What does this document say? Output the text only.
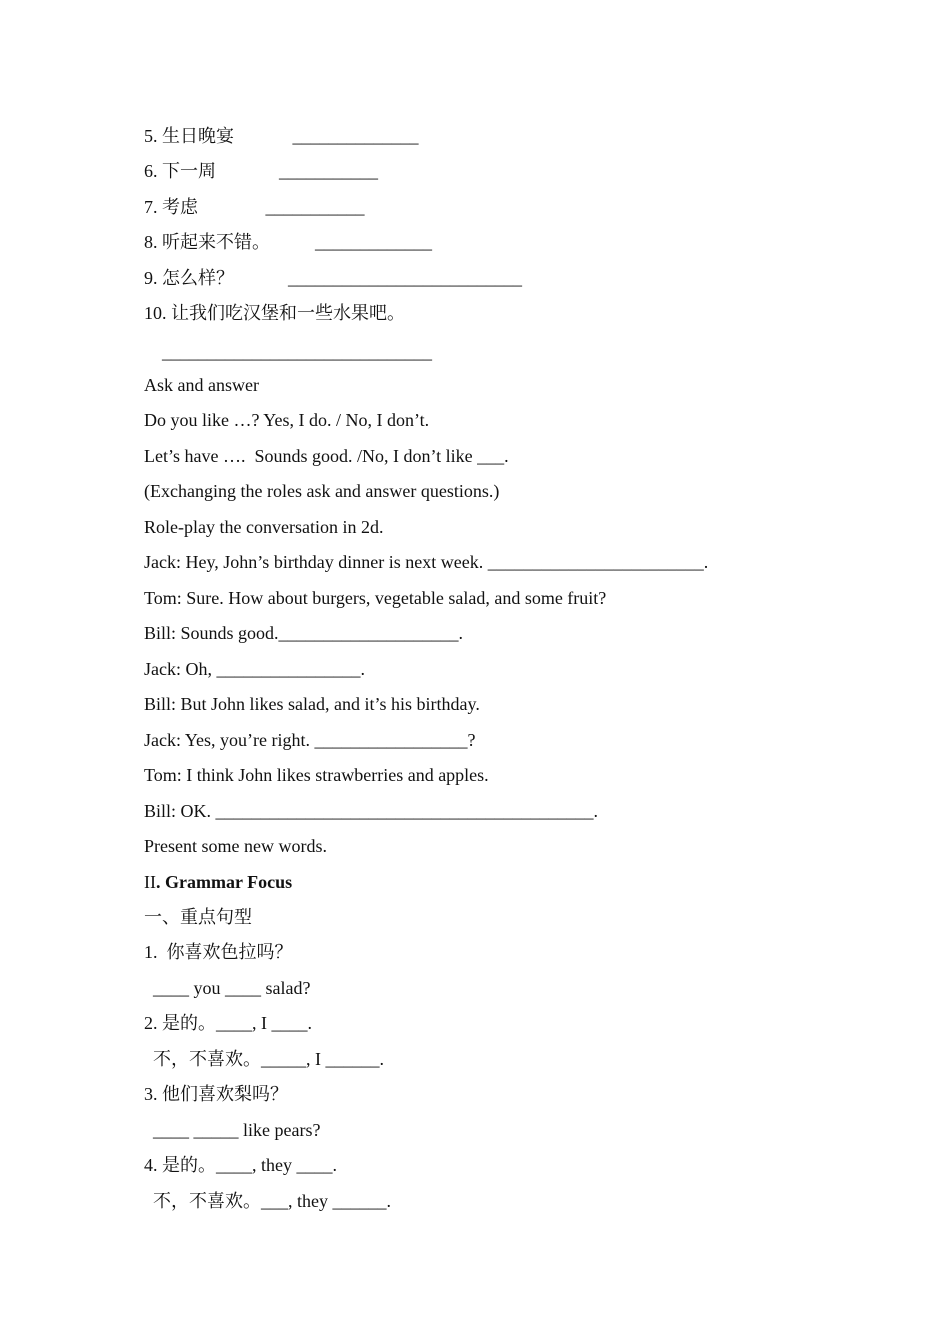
5. 生日晚宴             ______________
6. 下一周              ___________
7. 考虑               ___________
8. 听起来不错。          _____________
9. 怎么样？            __________________________
10. 让我们吃汉堡和一些水果吧。
______________________________
Ask and answer
Do you like …? Yes, I do. / No, I don’t.
Let’s have ….  Sounds good. /No, I don’t like ___.
(Exchanging the roles ask and answer questions.)
Role-play the conversation in 2d.
Jack: Hey, John’s birthday dinner is next week. ________________________.
Tom: Sure. How about burgers, vegetable salad, and some fruit?
Bill: Sounds good.____________________.
Jack: Oh, ________________.
Bill: But John likes salad, and it’s his birthday.
Jack: Yes, you’re right. _________________?
Tom: I think John likes strawberries and apples.
Bill: OK. __________________________________________.
Present some new words.
II. Grammar Focus
一、重点句型
1.  你喜欢色拉吗？
____ you ____ salad?
2. 是的。____, I ____.
不，不喜欢。_____, I ______.
3. 他们喜欢梨吗？
____ _____ like pears?
4. 是的。____, they ____.
不，不喜欢。___, they ______.
